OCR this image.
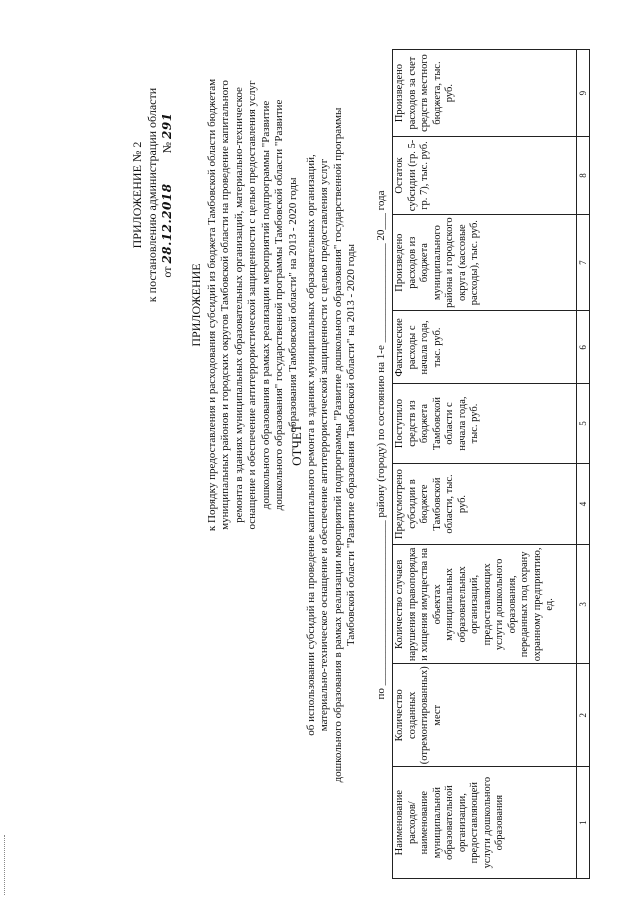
ПРИЛОЖЕНИЕ № 2 к постановлению администрации области от 28.12.2018          № 291
ПРИЛОЖЕНИЕ к Порядку предоставления и расходования субсидий из бюджета Тамбовской области бюджетам муниципальных районов и городских округов Тамбовской области на проведение капитального ремонта в зданиях муниципальных образовательных организаций, материально-техническое оснащение и обеспечение антитеррористической защищенности с целью предоставления услуг дошкольного образования в рамках реализации мероприятий подпрограммы "Развитие дошкольного образования" государственной программы Тамбовской области "Развитие образования Тамбовской области" на 2013 - 2020 годы
ОТЧЕТ об использовании субсидий на проведение капитального ремонта в зданиях муниципальных образовательных организаций, материально-техническое оснащение и обеспечение антитеррористической защищенности с целью предоставления услуг дошкольного образования в рамках реализации мероприятий подпрограммы "Развитие дошкольного образования" государственной программы Тамбовской области "Развитие образования Тамбовской области" на 2013 - 2020 годы
по ______________________________ району (городу) по состоянию на 1-е __________________ 20___ года
Наименование расходов/ наименование муниципальной образовательной организации, предоставляющей услуги дошкольного образования	Количество созданных (отремонтированных) мест	Количество случаев нарушения правопорядка и хищения имущества на объектах муниципальных образовательных организаций, предоставляющих услуги дошкольного образования, переданных под охрану охранному предприятию, ед.	Предусмотрено субсидии в бюджете Тамбовской области, тыс. руб.	Поступило средств из бюджета Тамбовской области с начала года, тыс. руб.	Фактические расходы с начала года, тыс. руб.	Произведено расходов из бюджета муниципального района и городского округа (кассовые расходы), тыс. руб.	Остаток субсидии (гр. 5-гр. 7), тыс. руб.	Произведено расходов за счет средств местного бюджета, тыс. руб.
1	2	3	4	5	6	7	8	9
